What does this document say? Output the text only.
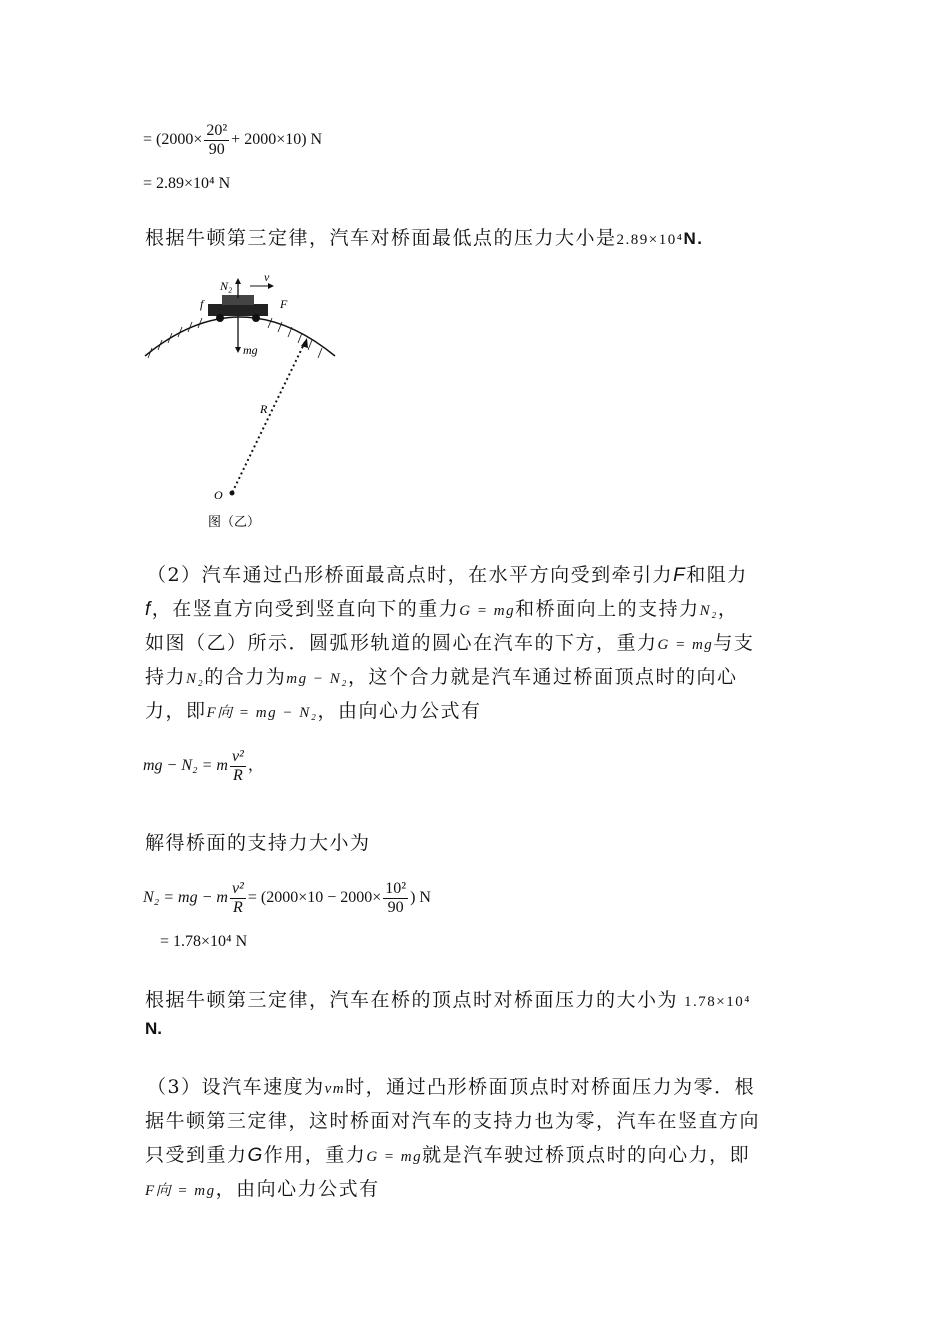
= $(2000\times \frac{\text{20²}}{90} + 2000\times 10)$ N
= 2.89×10⁴ N
根据牛顿第三定律，汽车对桥面最低点的压力大小是2.89×10⁴N.
N₂
v
f	F
mg
R
O
图（乙）
（2）汽车通过凸形桥面最高点时，在水平方向受到牵引力F和阻力
f，在竖直方向受到竖直向下的重力G = mg和桥面向上的支持力N₂，
如图（乙）所示．圆弧形轨道的圆心在汽车的下方，重力G = mg与支
持力N₂的合力为mg − N₂，这个合力就是汽车通过桥面顶点时的向心
力，即F向 = mg − N₂，由向心力公式有
mg − N₂ = m $\frac{\text{v²}}{R}$ ，
解得桥面的支持力大小为
N₂ = mg − m $\frac{\text{v²}}{R} = (2000\times 10 - 2000\times \frac{\text{10²}}{90}$ ) N
= 1.78×10⁴ N
根据牛顿第三定律，汽车在桥的顶点时对桥面压力的大小为 1.78×10⁴
N.
（3）设汽车速度为vm时，通过凸形桥面顶点时对桥面压力为零．根
据牛顿第三定律，这时桥面对汽车的支持力也为零，汽车在竖直方向
只受到重力G作用，重力G = mg就是汽车驶过桥顶点时的向心力，即
F向 = mg，由向心力公式有
